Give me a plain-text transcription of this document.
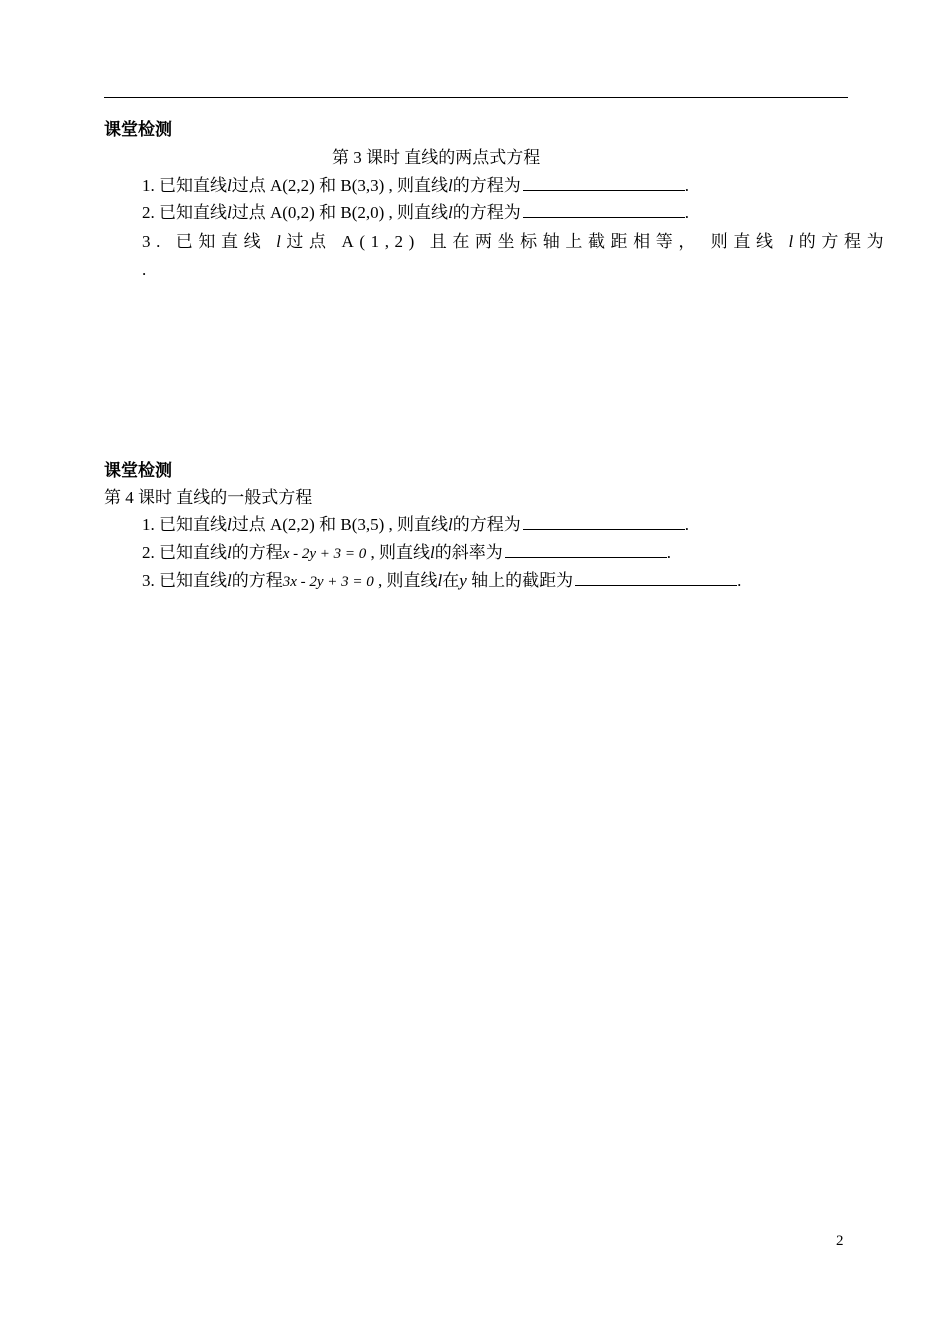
课堂检测
第 3 课时 直线的两点式方程
1. 已知直线l过点 A(2,2) 和 B(3,3) , 则直线l的方程为	.
2. 已知直线l过点 A(0,2) 和 B(2,0) , 则直线l的方程为	.
3. 已知直线 l过点 A(1,2) 且在两坐标轴上截距相等， 则直线 l的方程为
.
课堂检测
第 4 课时 直线的一般式方程
1. 已知直线l过点 A(2,2) 和 B(3,5) , 则直线l的方程为	.
2. 已知直线l的方程x - 2y + 3 = 0 , 则直线l的斜率为	.
3. 已知直线l的方程3x - 2y + 3 = 0 , 则直线l在y 轴上的截距为	.
2
